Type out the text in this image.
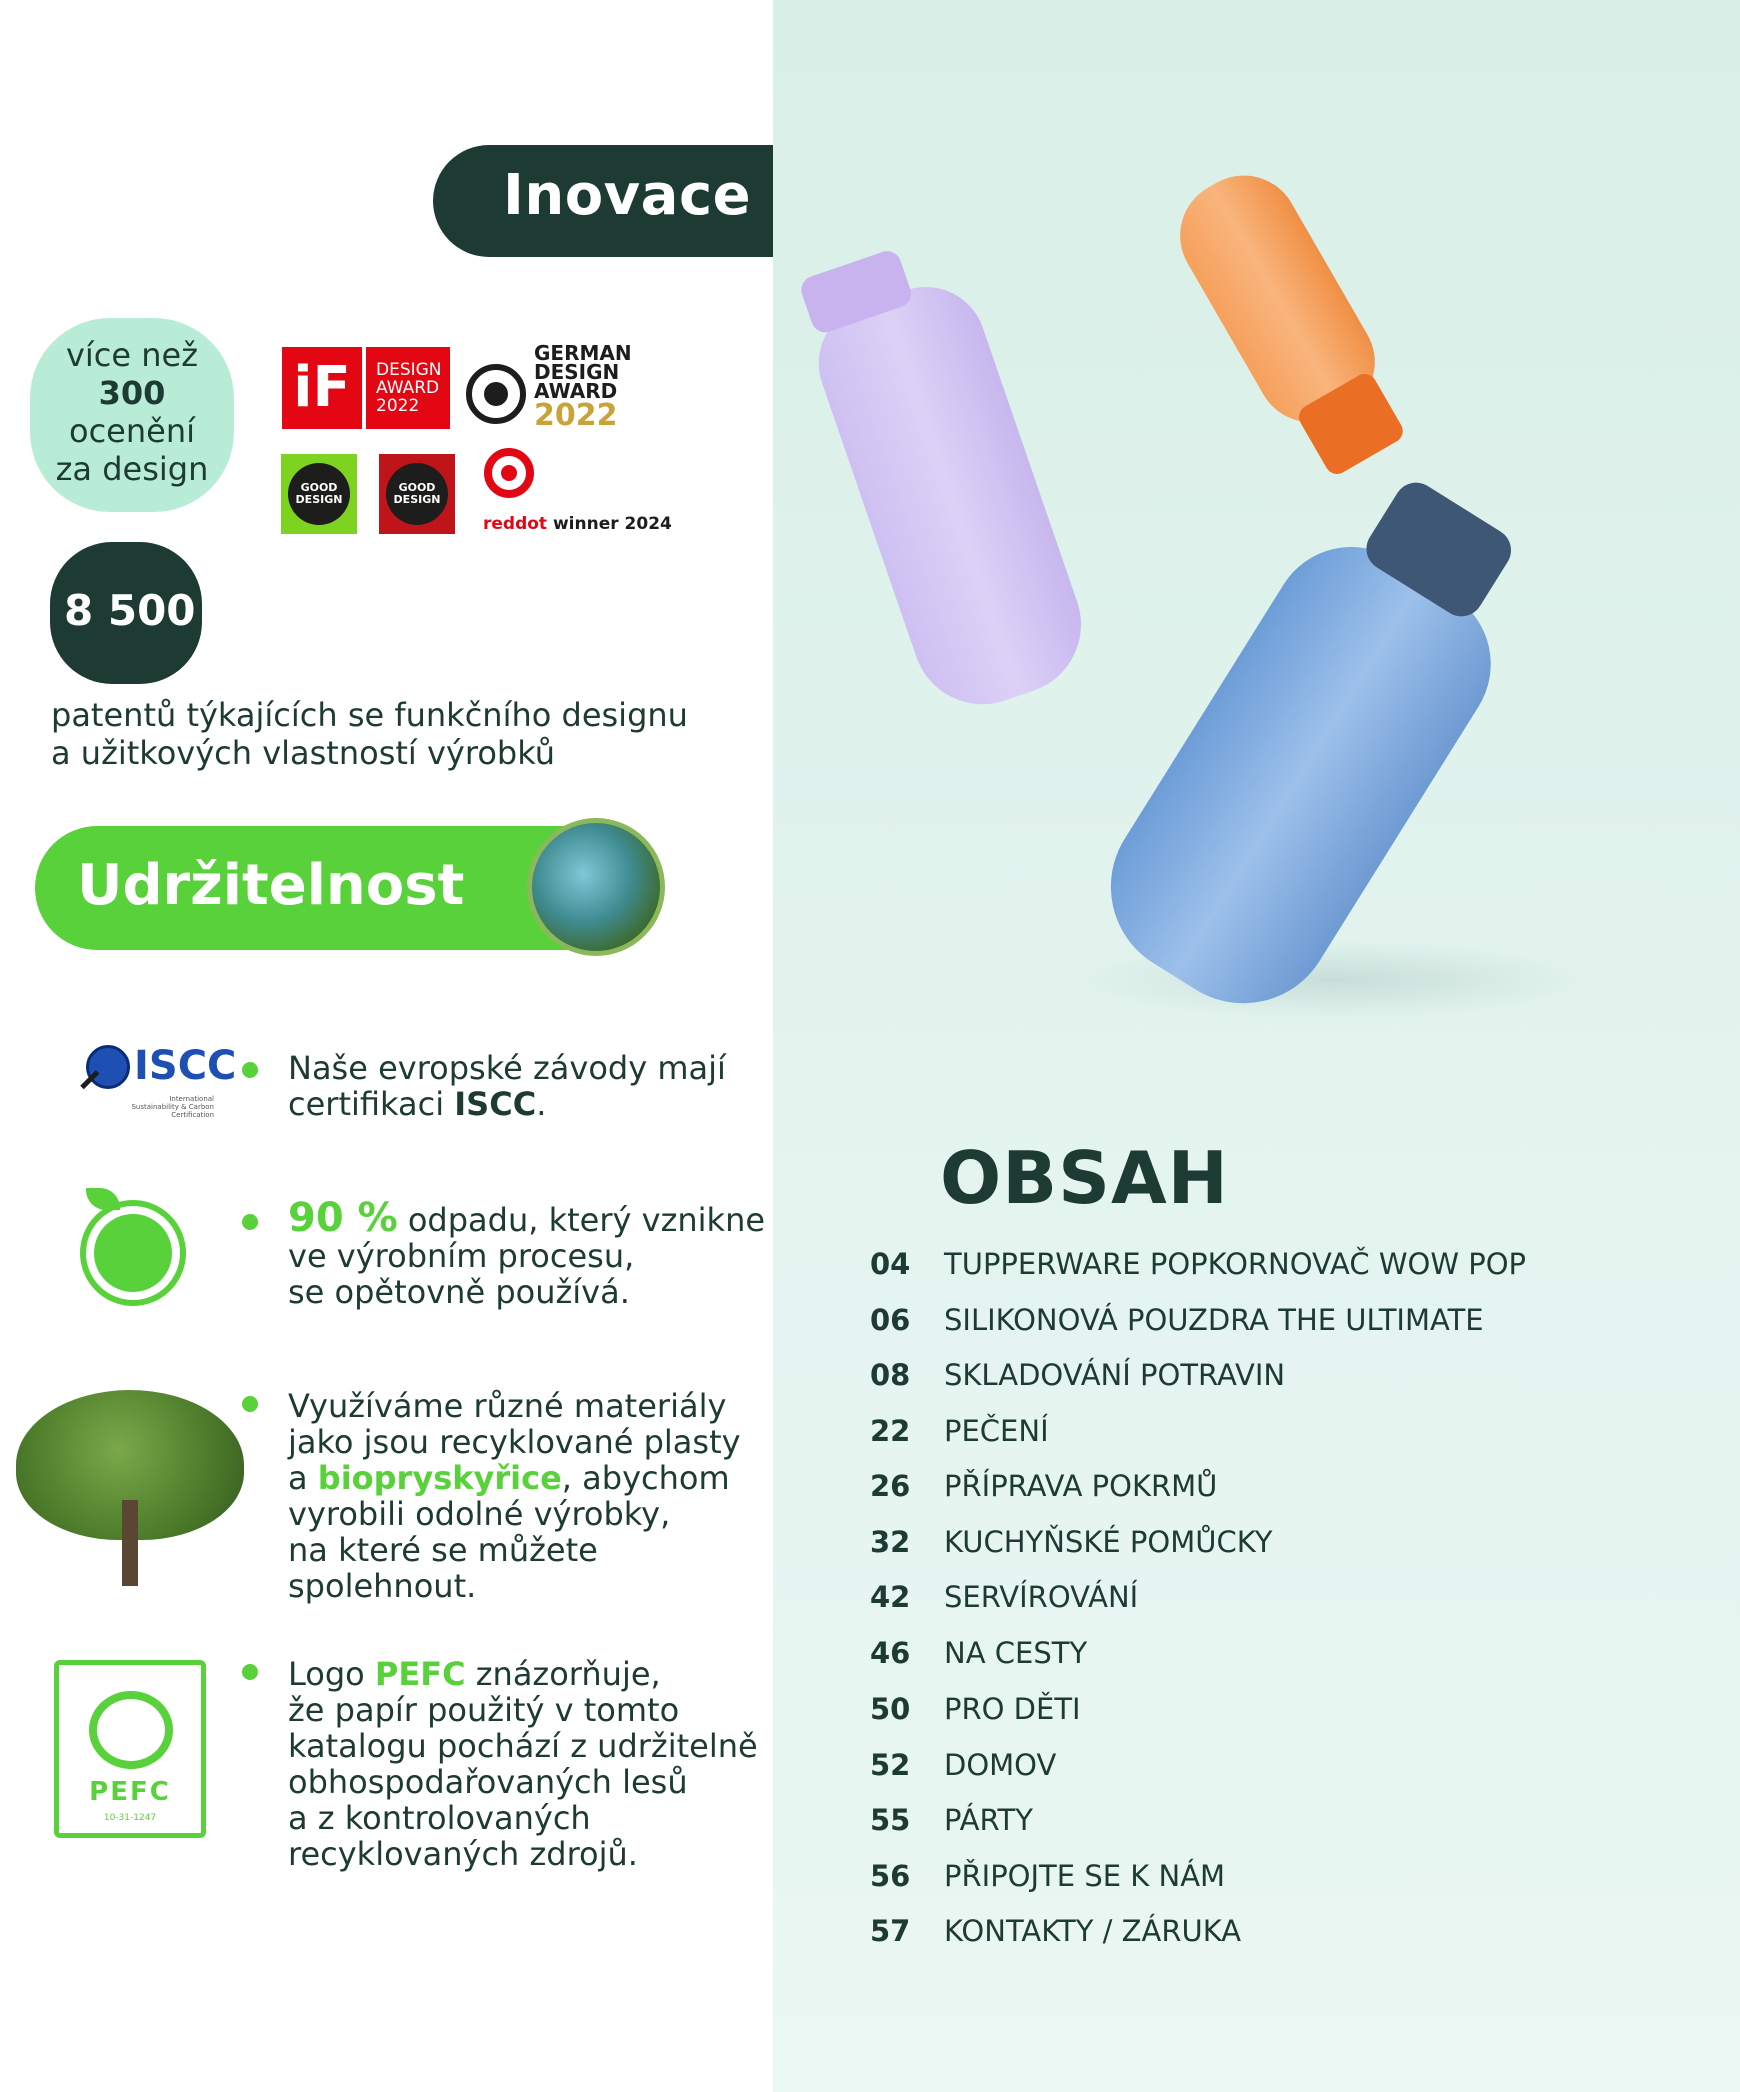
Inovace
více než
300
ocenění
za design
iF	DESIGN
AWARD
2022
GERMAN
DESIGN
AWARD
2022
GOOD DESIGN
GOOD DESIGN
reddot winner 2024
8 500
patentů týkajících se funkčního designu
a užitkových vlastností výrobků
Udržitelnost
ISCC
International Sustainability & Carbon Certification
Naše evropské závody mají
certifikaci ISCC.
90 % odpadu, který vznikne
ve výrobním procesu,
se opětovně používá.
Využíváme různé materiály
jako jsou recyklované plasty
a biopryskyřice, abychom
vyrobili odolné výrobky,
na které se můžete
spolehnout.
PEFC
10-31-1247
Logo PEFC znázorňuje,
že papír použitý v tomto
katalogu pochází z udržitelně
obhospodařovaných lesů
a z kontrolovaných
recyklovaných zdrojů.
OBSAH
04	TUPPERWARE POPKORNOVAČ WOW POP
06	SILIKONOVÁ POUZDRA THE ULTIMATE
08	SKLADOVÁNÍ POTRAVIN
22	PEČENÍ
26	PŘÍPRAVA POKRMŮ
32	KUCHYŇSKÉ POMŮCKY
42	SERVÍROVÁNÍ
46	NA CESTY
50	PRO DĚTI
52	DOMOV
55	PÁRTY
56	PŘIPOJTE SE K NÁM
57	KONTAKTY / ZÁRUKA
